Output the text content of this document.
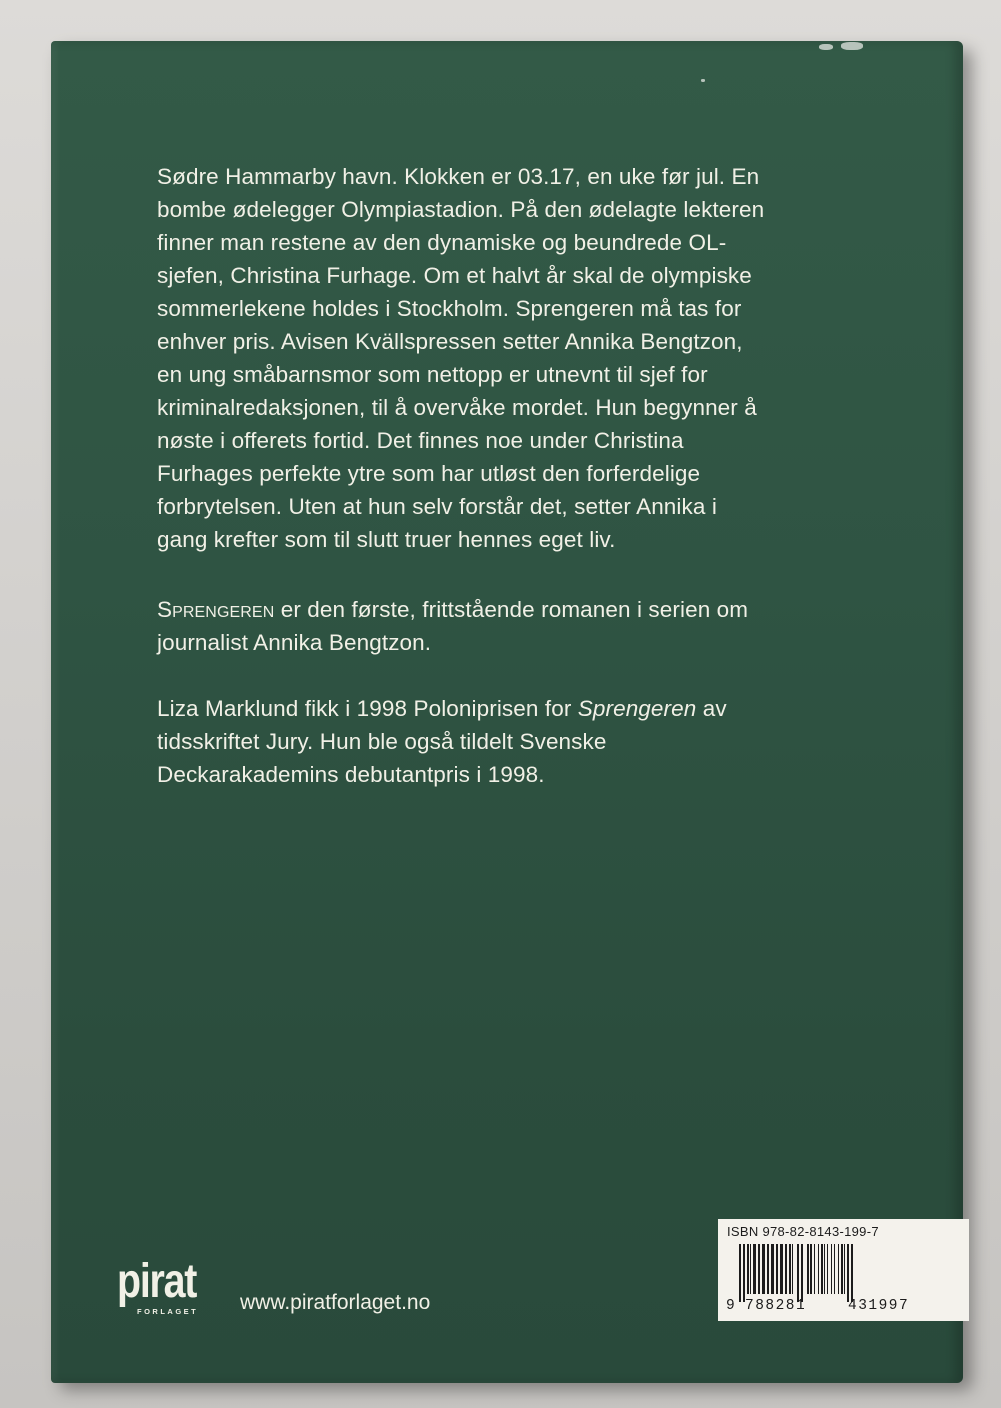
Sødre Hammarby havn. Klokken er 03.17, en uke før jul. En
bombe ødelegger Olympiastadion. På den ødelagte lekteren
finner man restene av den dynamiske og beundrede OL-
sjefen, Christina Furhage. Om et halvt år skal de olympiske
sommerlekene holdes i Stockholm. Sprengeren må tas for
enhver pris. Avisen Kvällspressen setter Annika Bengtzon,
en ung småbarnsmor som nettopp er utnevnt til sjef for
kriminalredaksjonen, til å overvåke mordet. Hun begynner å
nøste i offerets fortid. Det finnes noe under Christina
Furhages perfekte ytre som har utløst den forferdelige
forbrytelsen. Uten at hun selv forstår det, setter Annika i
gang krefter som til slutt truer hennes eget liv.
Sprengeren er den første, frittstående romanen i serien om
journalist Annika Bengtzon.
Liza Marklund fikk i 1998 Poloniprisen for Sprengeren av
tidsskriftet Jury. Hun ble også tildelt Svenske
Deckarakademins debutantpris i 1998.
pirat
FORLAGET www.piratforlaget.no
ISBN 978-82-8143-199-7
9 788281	431997
